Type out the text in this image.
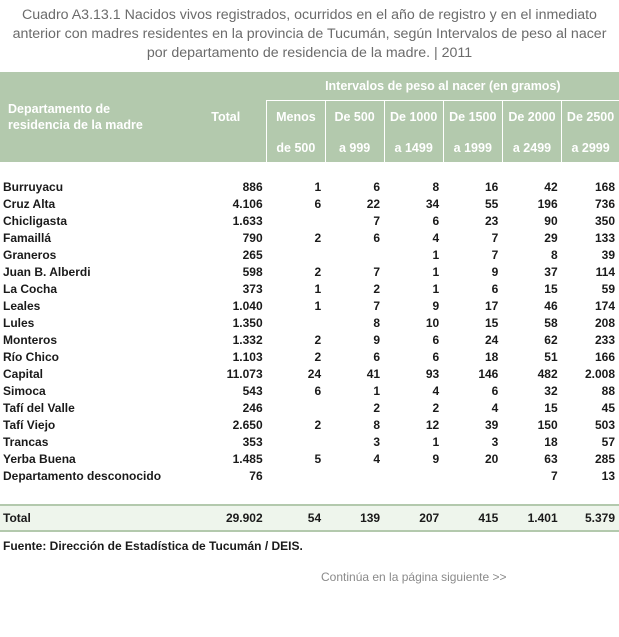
Cuadro A3.13.1 Nacidos vivos registrados, ocurridos en el año de registro y en el inmediato
anterior con madres residentes en la provincia de Tucumán, según Intervalos de peso al nacer
por departamento de residencia de la madre. | 2011
Departamento de
residencia de la madre	Total	Intervalos de peso al nacer (en gramos)					
		Menos	De 500	De 1000	De 1500	De 2000	De 2500
		de 500	a 999	a 1499	a 1999	a 2499	a 2999

Burruyacu	886	1	6	8	16	42	168
Cruz Alta	4.106	6	22	34	55	196	736
Chicligasta	1.633		7	6	23	90	350
Famaillá	790	2	6	4	7	29	133
Graneros	265			1	7	8	39
Juan B. Alberdi	598	2	7	1	9	37	114
La Cocha	373	1	2	1	6	15	59
Leales	1.040	1	7	9	17	46	174
Lules	1.350		8	10	15	58	208
Monteros	1.332	2	9	6	24	62	233
Río Chico	1.103	2	6	6	18	51	166
Capital	11.073	24	41	93	146	482	2.008
Simoca	543	6	1	4	6	32	88
Tafí del Valle	246		2	2	4	15	45
Tafí Viejo	2.650	2	8	12	39	150	503
Trancas	353		3	1	3	18	57
Yerba Buena	1.485	5	4	9	20	63	285
Departamento desconocido	76					7	13

Total	29.902	54	139	207	415	1.401	5.379
Fuente: Dirección de Estadística de Tucumán / DEIS.
Continúa en la página siguiente >>
